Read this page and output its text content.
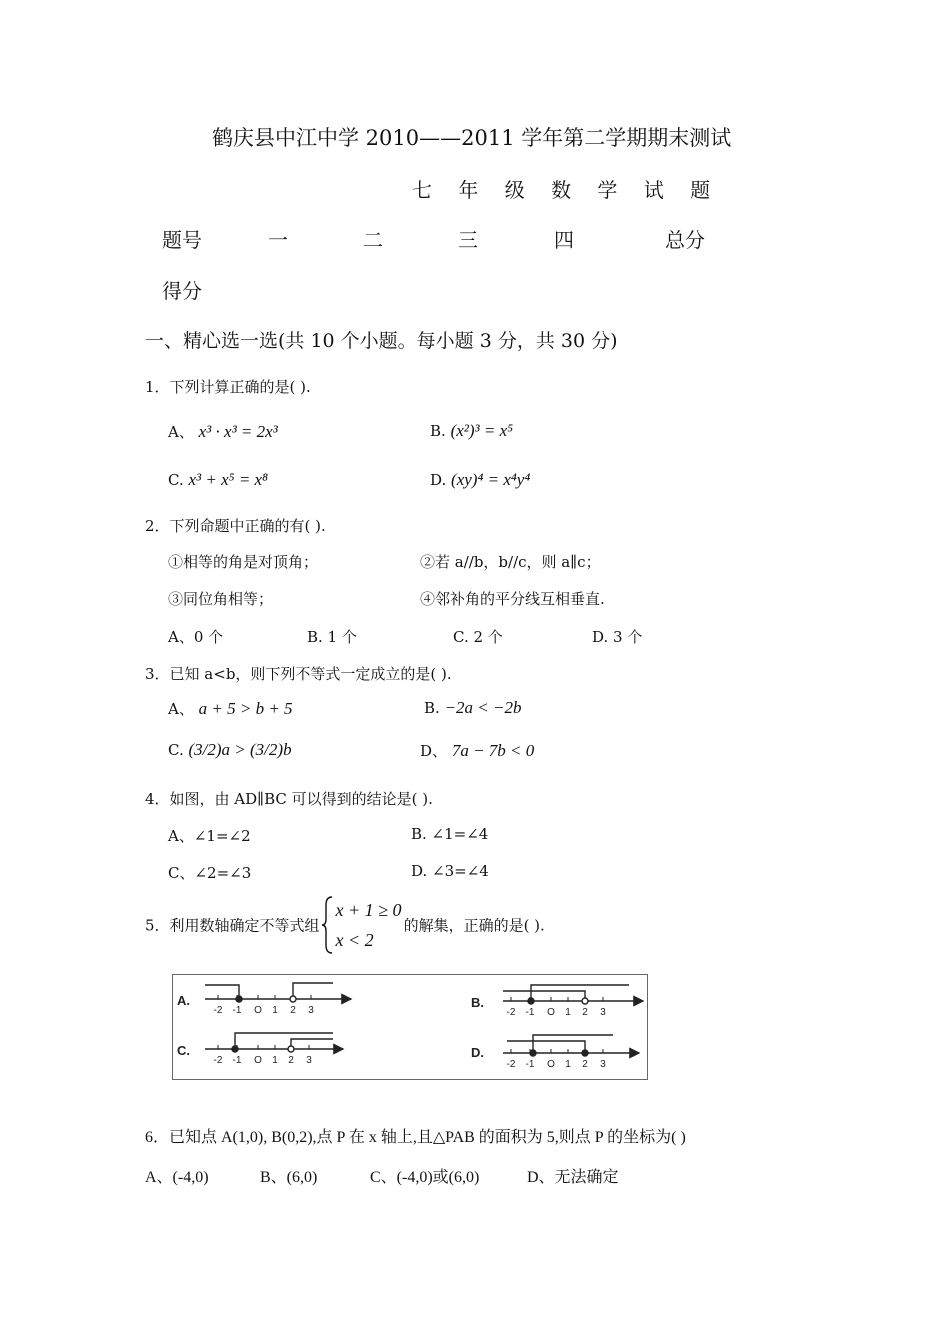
鹤庆县中江中学 2010——2011 学年第二学期期末测试
七 年 级 数 学 试 题
题号	一	二	三	四	总分
得分
一、精心选一选(共 10 个小题。每小题 3 分，共 30 分)
1．下列计算正确的是( ).
A、 x³ · x³ = 2x³	B. (x²)³ = x⁵
C. x³ + x⁵ = x⁸	D. (xy)⁴ = x⁴y⁴
2．下列命题中正确的有( ).
①相等的角是对顶角；	②若 a//b，b//c，则 a∥c；
③同位角相等；	④邻补角的平分线互相垂直.
A、0 个	B. 1 个	C. 2 个	D. 3 个
3．已知 a<b，则下列不等式一定成立的是( ).
A、 a + 5 > b + 5	B. −2a < −2b
C. (3/2)a > (3/2)b	D、 7a − 7b < 0
4．如图，由 AD∥BC 可以得到的结论是( ).
A、∠1=∠2	B. ∠1=∠4
C、∠2=∠3	D. ∠3=∠4
5．利用数轴确定不等式组
x + 1 ≥ 0
x < 2
的解集，正确的是( ).
A.	B.
C.	D.
-2 -1 O 1 2 3	-2 -1 O 1 2 3
-2 -1 O 1 2 3	-2 -1 O 1 2 3
6．已知点 A(1,0), B(0,2),点 P 在 x 轴上,且△PAB 的面积为 5,则点 P 的坐标为( )
A、(-4,0)	B、(6,0)	C、(-4,0)或(6,0)	D、无法确定
